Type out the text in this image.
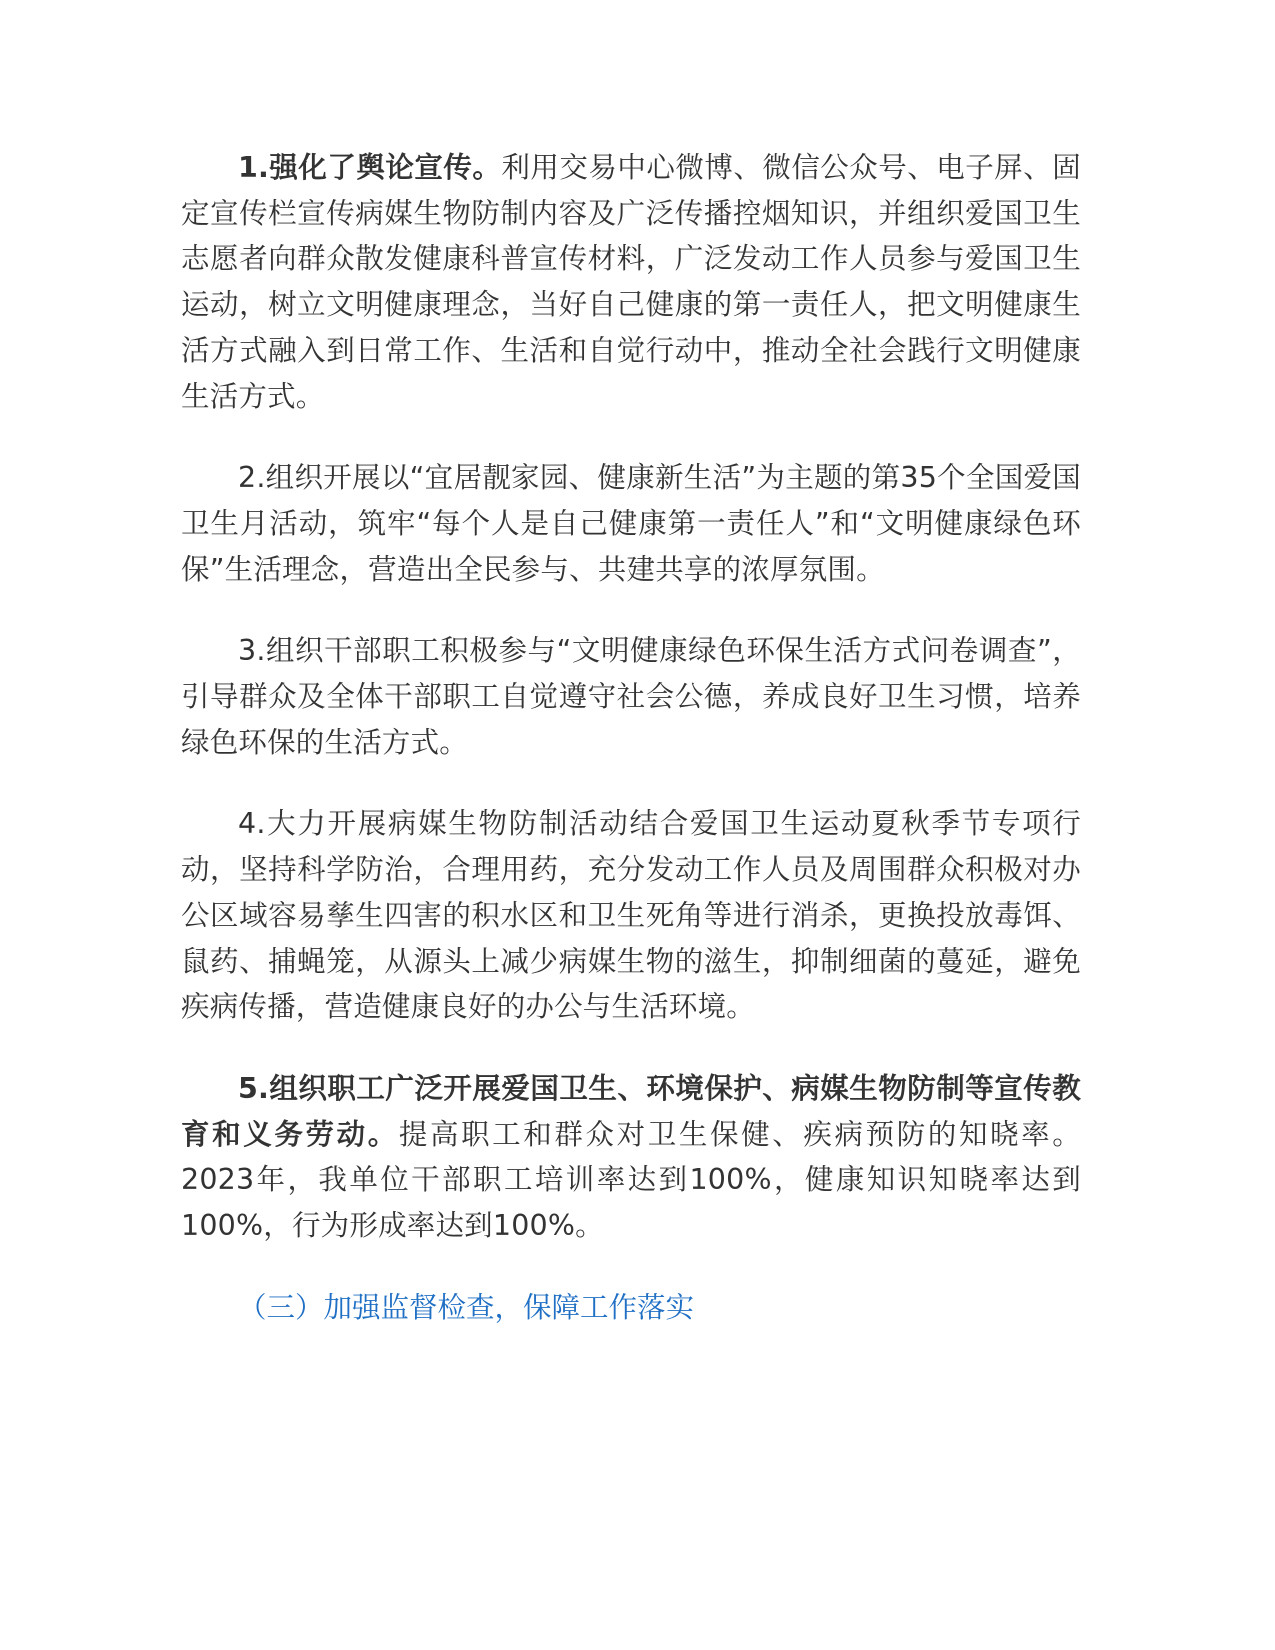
1.强化了舆论宣传。利用交易中心微博、微信公众号、电子屏、固定宣传栏宣传病媒生物防制内容及广泛传播控烟知识，并组织爱国卫生志愿者向群众散发健康科普宣传材料，广泛发动工作人员参与爱国卫生运动，树立文明健康理念，当好自己健康的第一责任人，把文明健康生活方式融入到日常工作、生活和自觉行动中，推动全社会践行文明健康生活方式。

2.组织开展以“宜居靓家园、健康新生活”为主题的第35个全国爱国卫生月活动，筑牢“每个人是自己健康第一责任人”和“文明健康绿色环保”生活理念，营造出全民参与、共建共享的浓厚氛围。

3.组织干部职工积极参与“文明健康绿色环保生活方式问卷调查”，引导群众及全体干部职工自觉遵守社会公德，养成良好卫生习惯，培养绿色环保的生活方式。

4.大力开展病媒生物防制活动结合爱国卫生运动夏秋季节专项行动，坚持科学防治，合理用药，充分发动工作人员及周围群众积极对办公区域容易孳生四害的积水区和卫生死角等进行消杀，更换投放毒饵、鼠药、捕蝇笼，从源头上减少病媒生物的滋生，抑制细菌的蔓延，避免疾病传播，营造健康良好的办公与生活环境。

5.组织职工广泛开展爱国卫生、环境保护、病媒生物防制等宣传教育和义务劳动。提高职工和群众对卫生保健、疾病预防的知晓率。2023年，我单位干部职工培训率达到100%，健康知识知晓率达到100%，行为形成率达到100%。

（三）加强监督检查，保障工作落实
